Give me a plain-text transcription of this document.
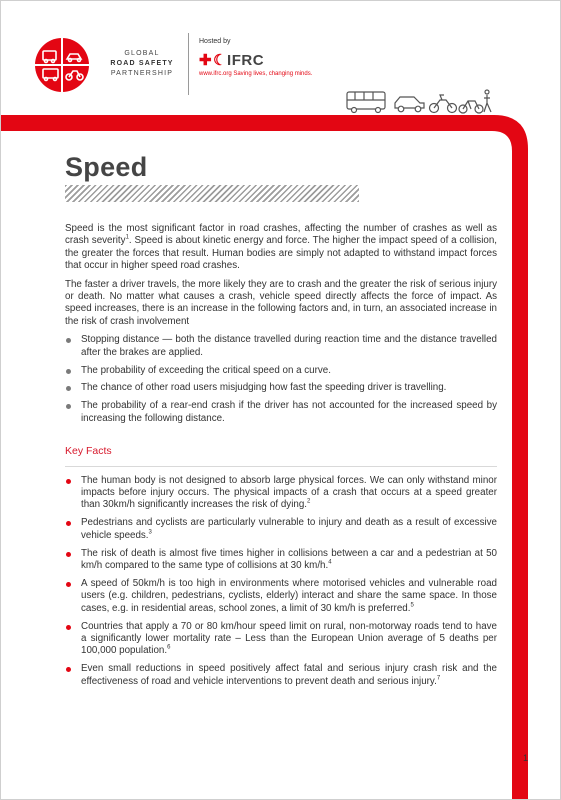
GLOBAL
ROAD SAFETY
PARTNERSHIP
Hosted by
✚☾IFRC
www.ifrc.org Saving lives, changing minds.
Speed

Speed is the most significant factor in road crashes, affecting the number of crashes as well as crash severity$^1$. Speed is about kinetic energy and force. The higher the impact speed of a collision, the greater the forces that result. Human bodies are simply not adapted to withstand impact forces that occur in higher speed road crashes.

The faster a driver travels, the more likely they are to crash and the greater the risk of serious injury or death. No matter what causes a crash, vehicle speed directly affects the force of impact. As speed increases, there is an increase in the following factors and, in turn, an associated increase in the risk of crash involvement

Stopping distance — both the distance travelled during reaction time and the distance travelled after the brakes are applied.
The probability of exceeding the critical speed on a curve.
The chance of other road users misjudging how fast the speeding driver is travelling.
The probability of a rear-end crash if the driver has not accounted for the increased speed by increasing the following distance.
Key Facts
The human body is not designed to absorb large physical forces. We can only withstand minor impacts before injury occurs. The physical impacts of a crash that occurs at a speed greater than 30km/h significantly increases the risk of dying.$^2$
Pedestrians and cyclists are particularly vulnerable to injury and death as a result of excessive vehicle speeds.$^3$
The risk of death is almost five times higher in collisions between a car and a pedestrian at 50 km/h compared to the same type of collisions at 30 km/h.$^4$
A speed of 50km/h is too high in environments where motorised vehicles and vulnerable road users (e.g. children, pedestrians, cyclists, elderly) interact and share the same space. In those cases, e.g. in residential areas, school zones, a limit of 30 km/h is preferred.$^5$
Countries that apply a 70 or 80 km/hour speed limit on rural, non-motorway roads tend to have a significantly lower mortality rate – Less than the European Union average of 5 deaths per 100,000 population.$^6$
Even small reductions in speed positively affect fatal and serious injury crash risk and the effectiveness of road and vehicle interventions to prevent death and serious injury.$^7$
1
